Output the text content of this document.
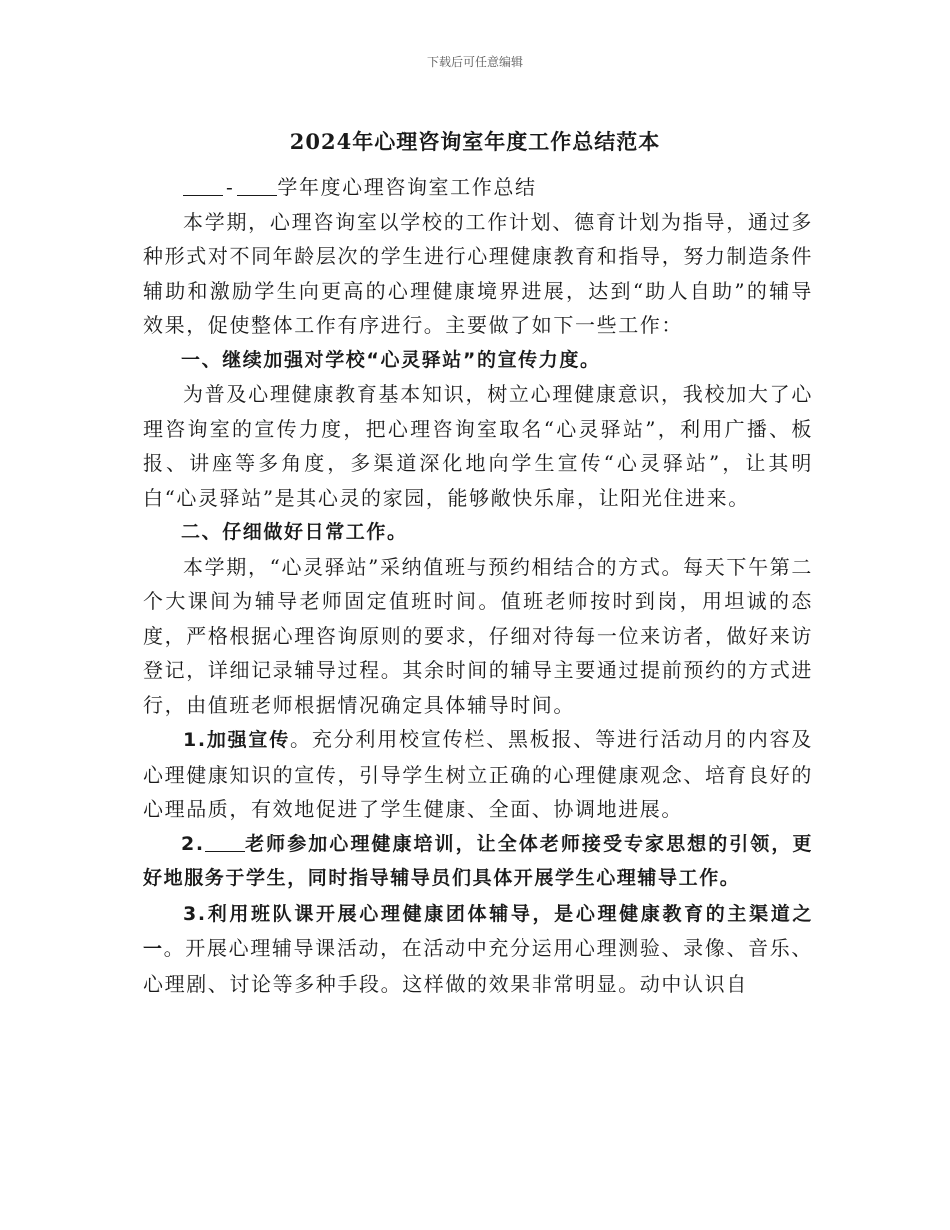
下载后可任意编辑
2024年心理咨询室年度工作总结范本

- 学年度心理咨询室工作总结

本学期，心理咨询室以学校的工作计划、德育计划为指导，通过多种形式对不同年龄层次的学生进行心理健康教育和指导，努力制造条件辅助和激励学生向更高的心理健康境界进展，达到“助人自助”的辅导效果，促使整体工作有序进行。主要做了如下一些工作：

一、继续加强对学校“心灵驿站”的宣传力度。

为普及心理健康教育基本知识，树立心理健康意识，我校加大了心理咨询室的宣传力度，把心理咨询室取名“心灵驿站”，利用广播、板报、讲座等多角度，多渠道深化地向学生宣传“心灵驿站”，让其明白“心灵驿站”是其心灵的家园，能够敞快乐扉，让阳光住进来。

二、仔细做好日常工作。

本学期，“心灵驿站”采纳值班与预约相结合的方式。每天下午第二个大课间为辅导老师固定值班时间。值班老师按时到岗，用坦诚的态度，严格根据心理咨询原则的要求，仔细对待每一位来访者，做好来访登记，详细记录辅导过程。其余时间的辅导主要通过提前预约的方式进行，由值班老师根据情况确定具体辅导时间。

1.加强宣传。充分利用校宣传栏、黑板报、等进行活动月的内容及心理健康知识的宣传，引导学生树立正确的心理健康观念、培育良好的心理品质，有效地促进了学生健康、全面、协调地进展。

2. 老师参加心理健康培训，让全体老师接受专家思想的引领，更好地服务于学生，同时指导辅导员们具体开展学生心理辅导工作。

3.利用班队课开展心理健康团体辅导，是心理健康教育的主渠道之一。开展心理辅导课活动，在活动中充分运用心理测验、录像、音乐、心理剧、讨论等多种手段。这样做的效果非常明显。动中认识自
